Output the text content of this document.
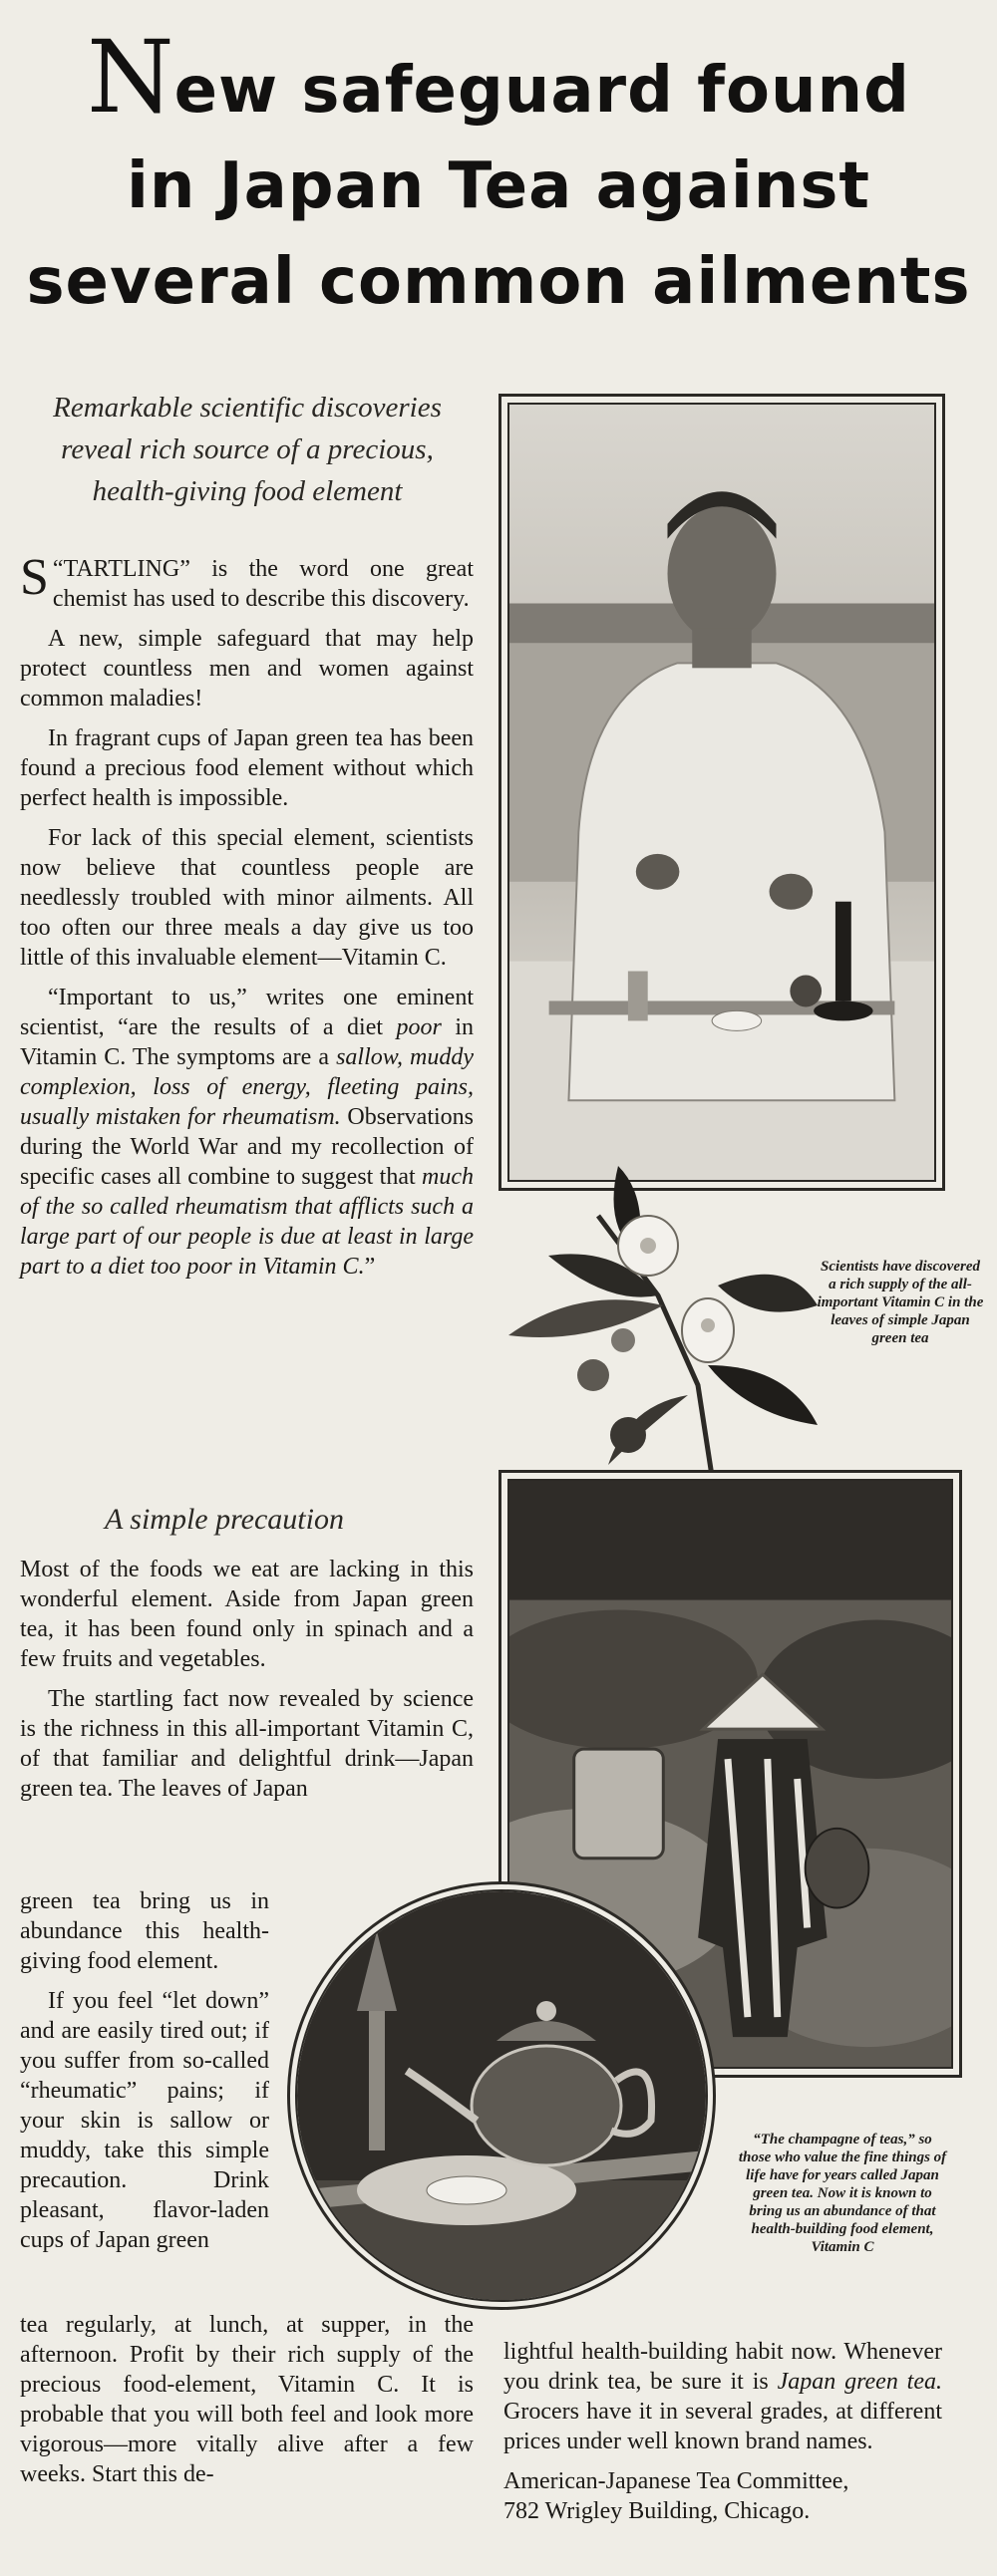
New safeguard found
in Japan Tea against
several common ailments
Remarkable scientific discoveries
reveal rich source of a precious,
health-giving food element

“
S TARTLING” is the word one great chemist has used to describe this discovery.

A new, simple safeguard that may help protect countless men and women against common maladies!

In fragrant cups of Japan green tea has been found a precious food element without which perfect health is impossible.

For lack of this special element, scientists now believe that countless people are needlessly troubled with minor ailments. All too often our three meals a day give us too little of this invaluable element—Vitamin C.

“Important to us,” writes one eminent scientist, “are the results of a diet poor in Vitamin C. The symptoms are a sallow, muddy complexion, loss of energy, fleeting pains, usually mistaken for rheumatism. Observations during the World War and my recollection of specific cases all combine to suggest that much of the so called rheumatism that afflicts such a large part of our people is due at least in large part to a diet too poor in Vitamin C.”

A simple precaution

Most of the foods we eat are lacking in this wonderful element. Aside from Japan green tea, it has been found only in spinach and a few fruits and vegetables.

The startling fact now revealed by science is the richness in this all-important Vitamin C, of that familiar and delightful drink—Japan green tea. The leaves of Japan

green tea bring us in abundance this health-giving food element.

If you feel “let down” and are easily tired out; if you suffer from so-called “rheumatic” pains; if your skin is sallow or muddy, take this simple precaution. Drink pleasant, flavor-laden cups of Japan green

tea regularly, at lunch, at supper, in the afternoon. Profit by their rich supply of the precious food-element, Vitamin C. It is probable that you will both feel and look more vigorous—more vitally alive after a few weeks. Start this de-

lightful health-building habit now. Whenever you drink tea, be sure it is Japan green tea. Grocers have it in several grades, at different prices under well known brand names.

American-Japanese Tea Committee,
782 Wrigley Building, Chicago.
Scientists have discovered a rich supply of the all-important Vitamin C in the leaves of simple Japan green tea
“The champagne of teas,” so those who value the fine things of life have for years called Japan green tea. Now it is known to bring us an abundance of that health-building food element, Vitamin C
